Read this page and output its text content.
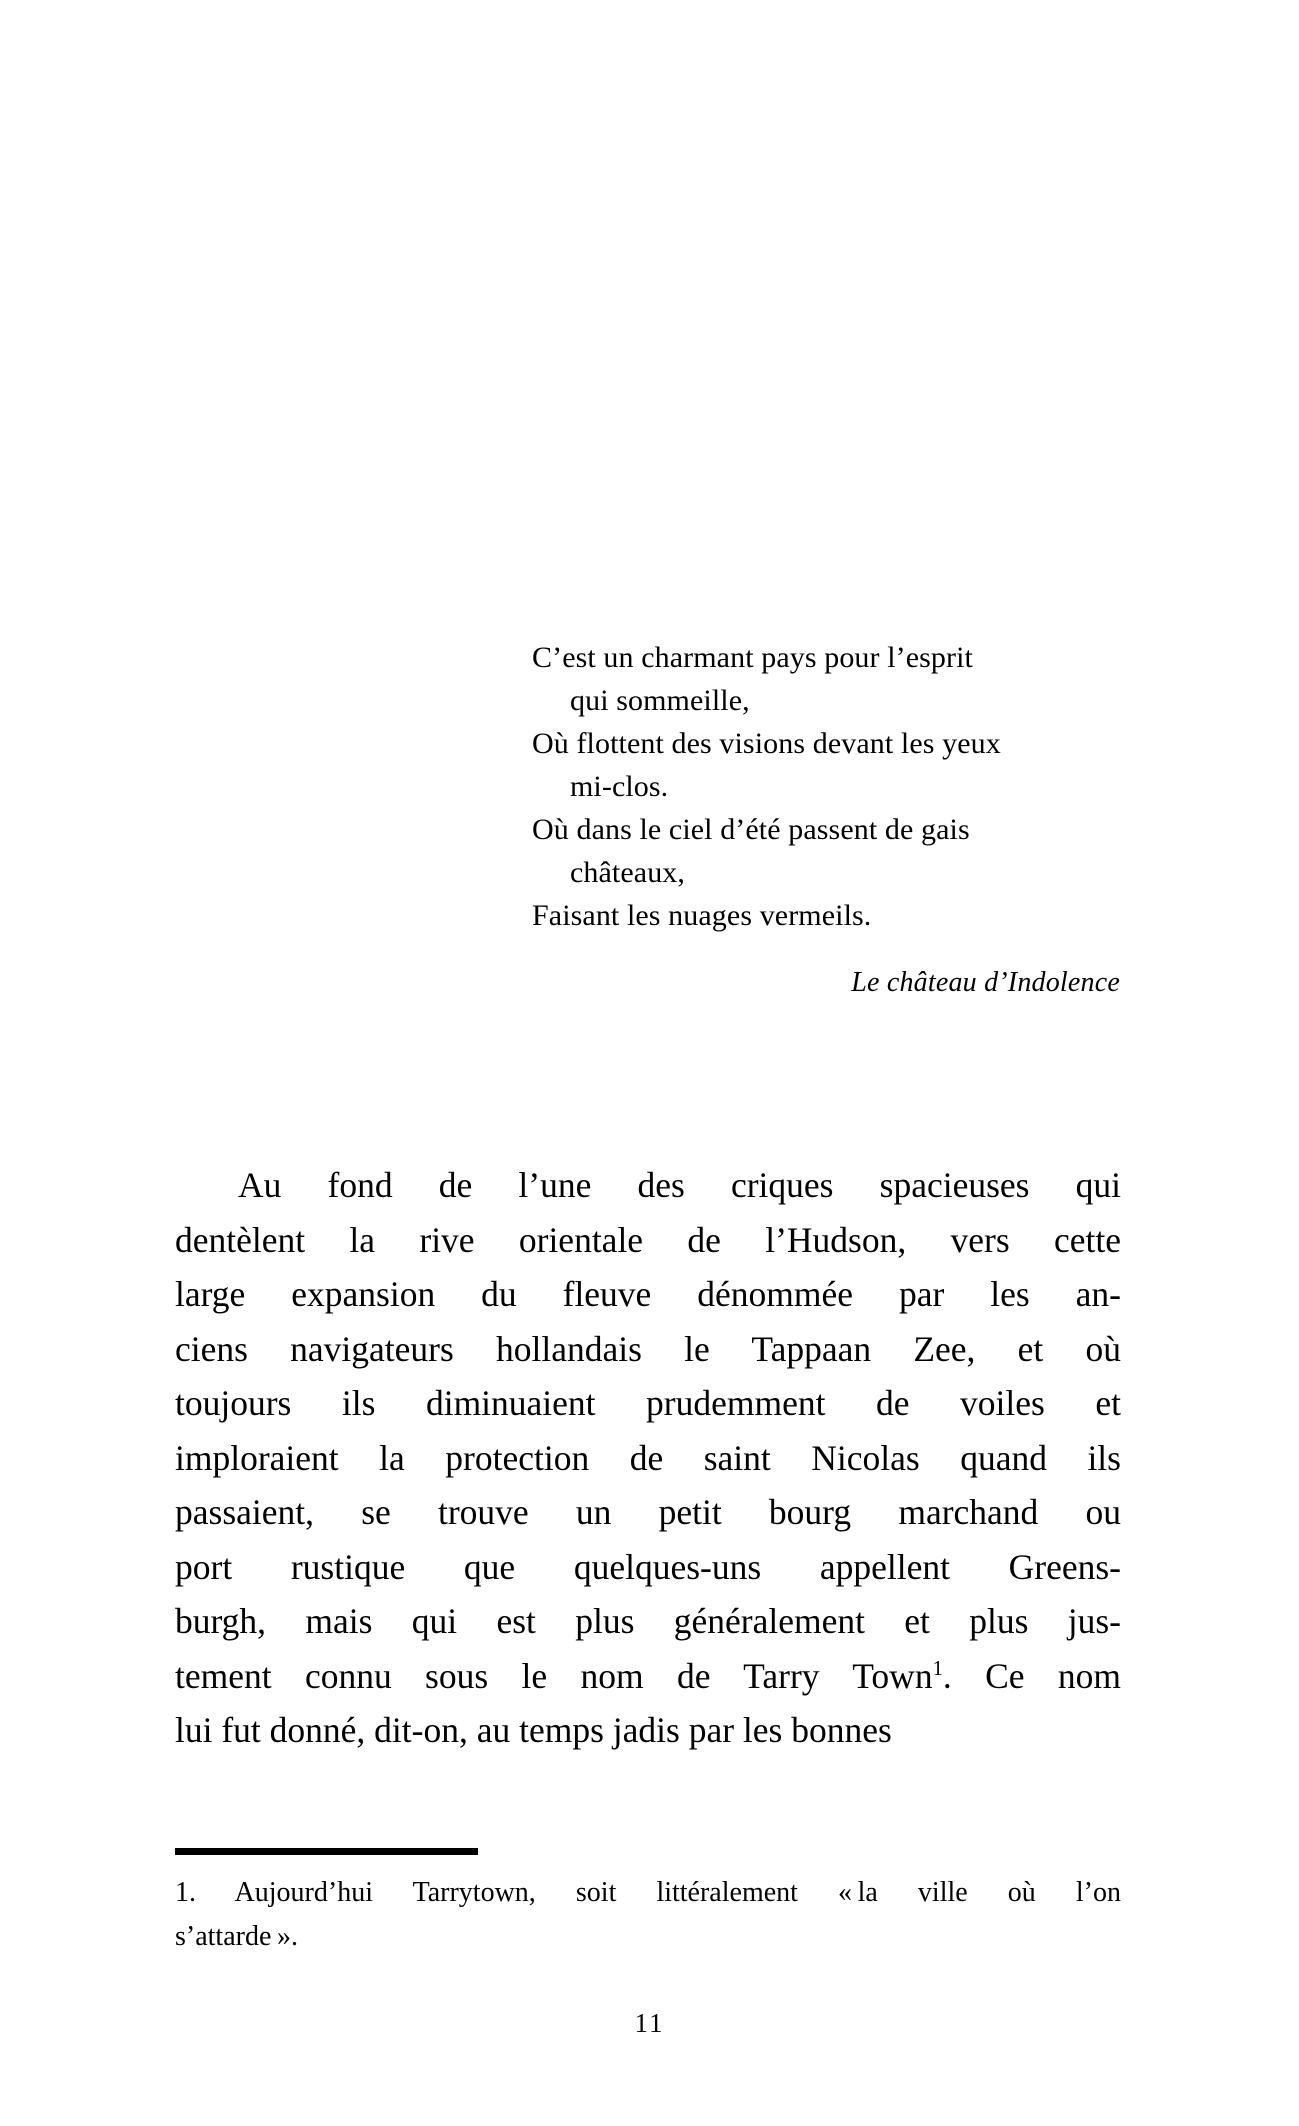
C’est un charmant pays pour l’esprit
qui sommeille,
Où flottent des visions devant les yeux
mi-clos.
Où dans le ciel d’été passent de gais
châteaux,
Faisant les nuages vermeils.
Le château d’Indolence
Au fond de l’une des criques spacieuses qui
dentèlent la rive orientale de l’Hudson, vers cette
large expansion du fleuve dénommée par les an-
ciens navigateurs hollandais le Tappaan Zee, et où
toujours ils diminuaient prudemment de voiles et
imploraient la protection de saint Nicolas quand ils
passaient, se trouve un petit bourg marchand ou
port rustique que quelques-uns appellent Greens-
burgh, mais qui est plus généralement et plus jus-
tement connu sous le nom de Tarry Town$^1$. Ce nom
lui fut donné, dit-on, au temps jadis par les bonnes
1. Aujourd’hui Tarrytown, soit littéralement « la ville où l’on
s’attarde ».
11
